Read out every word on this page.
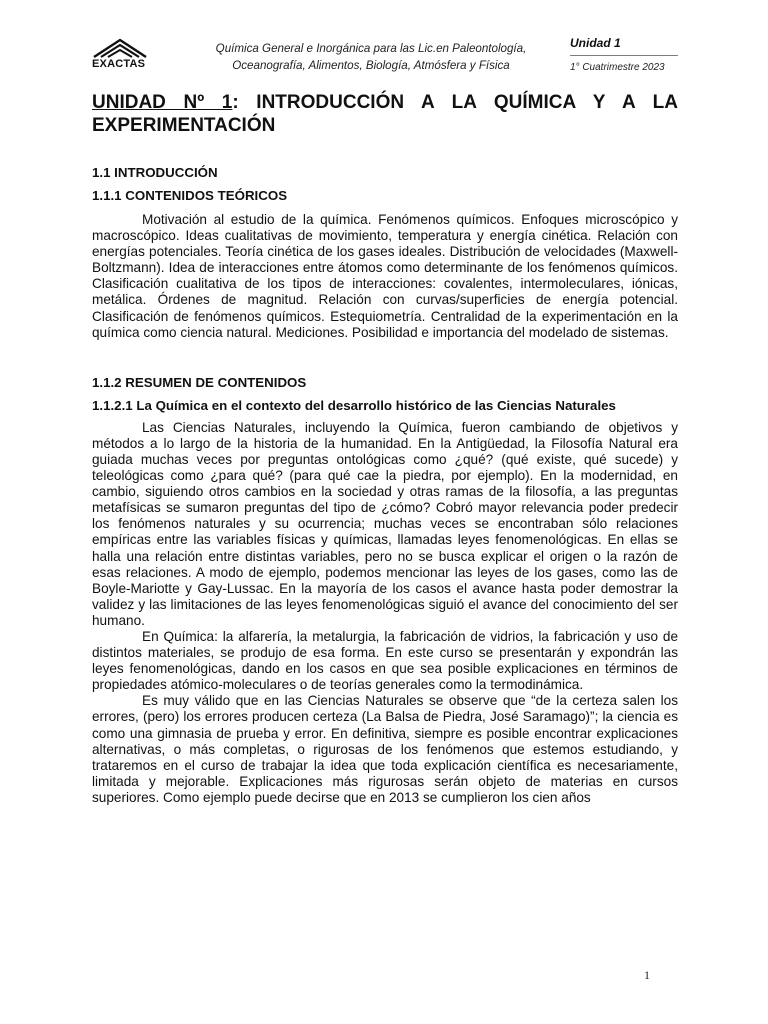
EXACTAS
Química General e Inorgánica para las Lic.en Paleontología,
Oceanografía, Alimentos, Biología, Atmósfera y Física
Unidad 1
1° Cuatrimestre 2023
UNIDAD Nº 1: INTRODUCCIÓN A LA QUÍMICA Y A LA EXPERIMENTACIÓN
1.1 INTRODUCCIÓN
1.1.1 CONTENIDOS TEÓRICOS

Motivación al estudio de la química. Fenómenos químicos. Enfoques microscópico y macroscópico. Ideas cualitativas de movimiento, temperatura y energía cinética. Relación con energías potenciales. Teoría cinética de los gases ideales. Distribución de velocidades (Maxwell-Boltzmann). Idea de interacciones entre átomos como determinante de los fenómenos químicos. Clasificación cualitativa de los tipos de interacciones: covalentes, intermoleculares, iónicas, metálica. Órdenes de magnitud. Relación con curvas/superficies de energía potencial. Clasificación de fenómenos químicos. Estequiometría. Centralidad de la experimentación en la química como ciencia natural. Mediciones. Posibilidad e importancia del modelado de sistemas.

1.1.2 RESUMEN DE CONTENIDOS
1.1.2.1 La Química en el contexto del desarrollo histórico de las Ciencias Naturales

Las Ciencias Naturales, incluyendo la Química, fueron cambiando de objetivos y métodos a lo largo de la historia de la humanidad. En la Antigüedad, la Filosofía Natural era guiada muchas veces por preguntas ontológicas como ¿qué? (qué existe, qué sucede) y teleológicas como ¿para qué? (para qué cae la piedra, por ejemplo). En la modernidad, en cambio, siguiendo otros cambios en la sociedad y otras ramas de la filosofía, a las preguntas metafísicas se sumaron preguntas del tipo de ¿cómo? Cobró mayor relevancia poder predecir los fenómenos naturales y su ocurrencia; muchas veces se encontraban sólo relaciones empíricas entre las variables físicas y químicas, llamadas leyes fenomenológicas. En ellas se halla una relación entre distintas variables, pero no se busca explicar el origen o la razón de esas relaciones. A modo de ejemplo, podemos mencionar las leyes de los gases, como las de Boyle-Mariotte y Gay-Lussac. En la mayoría de los casos el avance hasta poder demostrar la validez y las limitaciones de las leyes fenomenológicas siguió el avance del conocimiento del ser humano.

En Química: la alfarería, la metalurgia, la fabricación de vidrios, la fabricación y uso de distintos materiales, se produjo de esa forma. En este curso se presentarán y expondrán las leyes fenomenológicas, dando en los casos en que sea posible explicaciones en términos de propiedades atómico-moleculares o de teorías generales como la termodinámica.

Es muy válido que en las Ciencias Naturales se observe que “de la certeza salen los errores, (pero) los errores producen certeza (La Balsa de Piedra, José Saramago)”; la ciencia es como una gimnasia de prueba y error. En definitiva, siempre es posible encontrar explicaciones alternativas, o más completas, o rigurosas de los fenómenos que estemos estudiando, y trataremos en el curso de trabajar la idea que toda explicación científica es necesariamente, limitada y mejorable. Explicaciones más rigurosas serán objeto de materias en cursos superiores. Como ejemplo puede decirse que en 2013 se cumplieron los cien años

1
